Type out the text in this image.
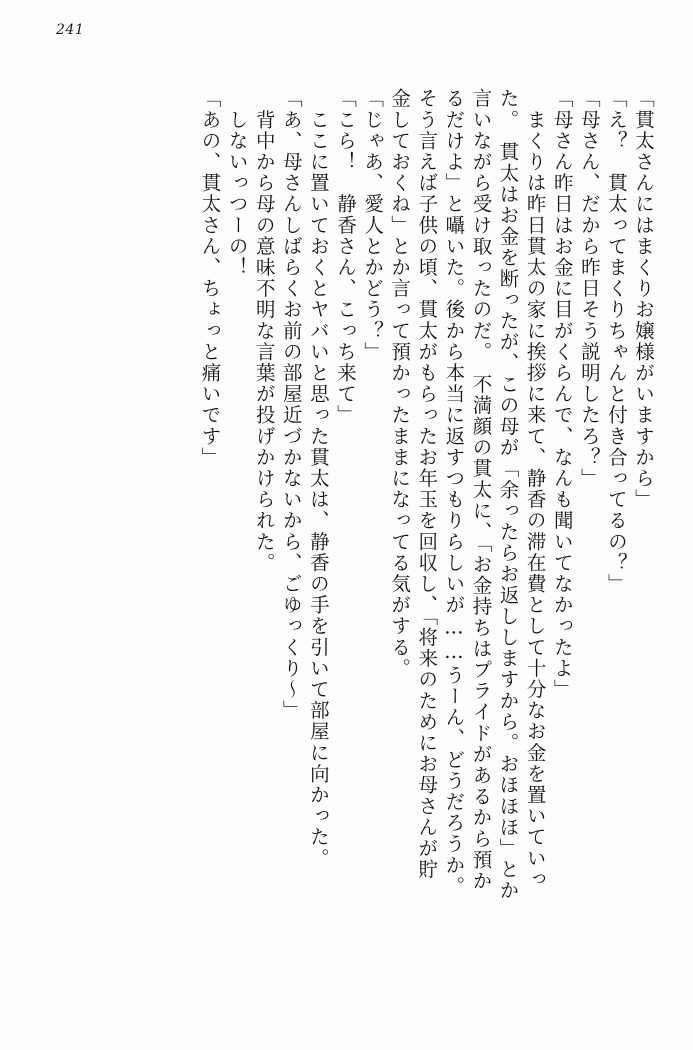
241
「貫太さんにはまくりお嬢様がいますから」
「え？　貫太ってまくりちゃんと付き合ってるの？」
「母さん、だから昨日そう説明したろ？」
「母さん昨日はお金に目がくらんで、なんも聞いてなかったよ」
　まくりは昨日貫太の家に挨拶に来て、静香の滞在費として十分なお金を置いていっ
た。　貫太はお金を断ったが、この母が「余ったらお返ししますから。おほほほ」とか
言いながら受け取ったのだ。　不満顔の貫太に、「お金持ちはプライドがあるから預か
るだけよ」と囁いた。後から本当に返すつもりらしいが……うーん、どうだろうか。
そう言えば子供の頃、貫太がもらったお年玉を回収し、「将来のためにお母さんが貯
金しておくね」とか言って預かったままになってる気がする。
「じゃあ、愛人とかどう？」
「こら！　静香さん、こっち来て」
　ここに置いておくとヤバいと思った貫太は、静香の手を引いて部屋に向かった。
「あ、母さんしばらくお前の部屋近づかないから、ごゆっくり〜」
　背中から母の意味不明な言葉が投げかけられた。
　しないっつーの！
「あの、貫太さん、ちょっと痛いです」
